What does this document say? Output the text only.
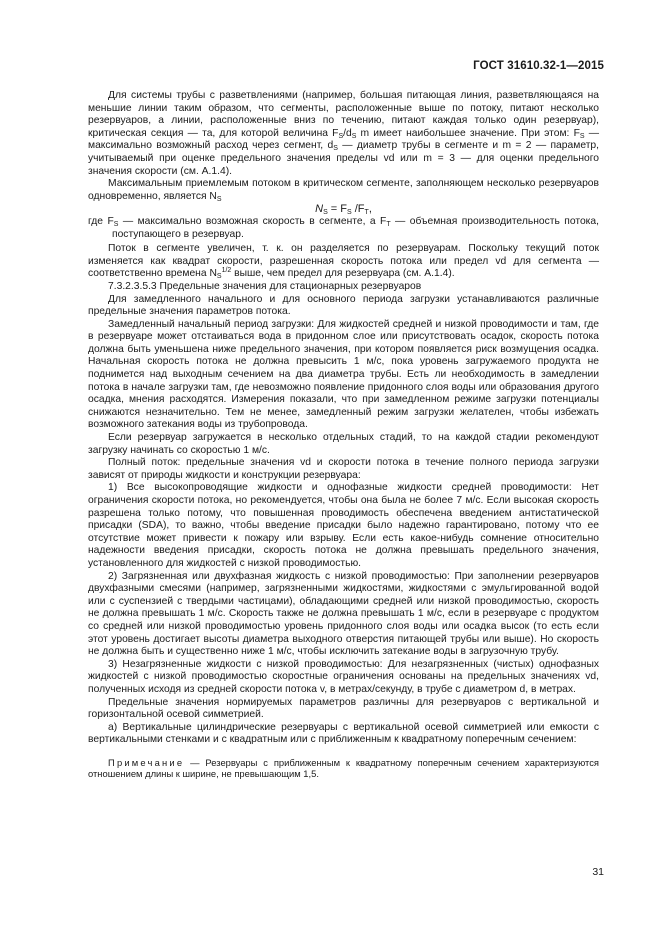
ГОСТ 31610.32-1—2015

Для системы трубы с разветвлениями (например, большая питающая линия, разветвляющаяся на меньшие линии таким образом, что сегменты, расположенные выше по потоку, питают несколько резервуаров, а линии, расположенные вниз по течению, питают каждая только один резервуар), критическая секция — та, для которой величина $F_S/d_S$ m имеет наибольшее значение. При этом: $F_S$ — максимально возможный расход через сегмент, $d_S$ — диаметр трубы в сегменте и m = 2 — параметр, учитываемый при оценке предельного значения пределы vd или m = 3 — для оценки предельного значения скорости (см. А.1.4).

Максимальным приемлемым потоком в критическом сегменте, заполняющем несколько резервуаров одновременно, является $N_S$

$N_S = F_S$ $/F_T$,

где $F_S$ — максимально возможная скорость в сегменте, а $F_T$ — объемная производительность потока, поступающего в резервуар.

Поток в сегменте увеличен, т. к. он разделяется по резервуарам. Поскольку текущий поток изменяется как квадрат скорости, разрешенная скорость потока или предел vd для сегмента — соответственно времена $N_S^{1/2}$ выше, чем предел для резервуара (см. А.1.4).

7.3.2.3.5.3 Предельные значения для стационарных резервуаров

Для замедленного начального и для основного периода загрузки устанавливаются различные предельные значения параметров потока.

Замедленный начальный период загрузки: Для жидкостей средней и низкой проводимости и там, где в резервуаре может отстаиваться вода в придонном слое или присутствовать осадок, скорость потока должна быть уменьшена ниже предельного значения, при котором появляется риск возмущения осадка. Начальная скорость потока не должна превысить 1 м/с, пока уровень загружаемого продукта не поднимется над выходным сечением на два диаметра трубы. Есть ли необходимость в замедлении потока в начале загрузки там, где невозможно появление придонного слоя воды или образования другого осадка, мнения расходятся. Измерения показали, что при замедленном режиме загрузки потенциалы снижаются незначительно. Тем не менее, замедленный режим загрузки желателен, чтобы избежать возможного затекания воды из трубопровода.

Если резервуар загружается в несколько отдельных стадий, то на каждой стадии рекомендуют загрузку начинать со скоростью 1 м/с.

Полный поток: предельные значения vd и скорости потока в течение полного периода загрузки зависят от природы жидкости и конструкции резервуара:

1) Все высокопроводящие жидкости и однофазные жидкости средней проводимости: Нет ограничения скорости потока, но рекомендуется, чтобы она была не более 7 м/с. Если высокая скорость разрешена только потому, что повышенная проводимость обеспечена введением антистатической присадки (SDA), то важно, чтобы введение присадки было надежно гарантировано, потому что ее отсутствие может привести к пожару или взрыву. Если есть какое-нибудь сомнение относительно надежности введения присадки, скорость потока не должна превышать предельного значения, установленного для жидкостей с низкой проводимостью.

2) Загрязненная или двухфазная жидкость с низкой проводимостью: При заполнении резервуаров двухфазными смесями (например, загрязненными жидкостями, жидкостями с эмульгированной водой или с суспензией с твердыми частицами), обладающими средней или низкой проводимостью, скорость не должна превышать 1 м/с. Скорость также не должна превышать 1 м/с, если в резервуаре с продуктом со средней или низкой проводимостью уровень придонного слоя воды или осадка высок (то есть если этот уровень достигает высоты диаметра выходного отверстия питающей трубы или выше). Но скорость не должна быть и существенно ниже 1 м/с, чтобы исключить затекание воды в загрузочную трубу.

3) Незагрязненные жидкости с низкой проводимостью: Для незагрязненных (чистых) однофазных жидкостей с низкой проводимостью скоростные ограничения основаны на предельных значениях vd, полученных исходя из средней скорости потока v, в метрах/секунду, в трубе с диаметром d, в метрах.

Предельные значения нормируемых параметров различны для резервуаров с вертикальной и горизонтальной осевой симметрией.

а) Вертикальные цилиндрические резервуары с вертикальной осевой симметрией или емкости с вертикальными стенками и с квадратным или с приближенным к квадратному поперечным сечением:

Примечание — Резервуары с приближенным к квадратному поперечным сечением характеризуются отношением длины к ширине, не превышающим 1,5.

31
